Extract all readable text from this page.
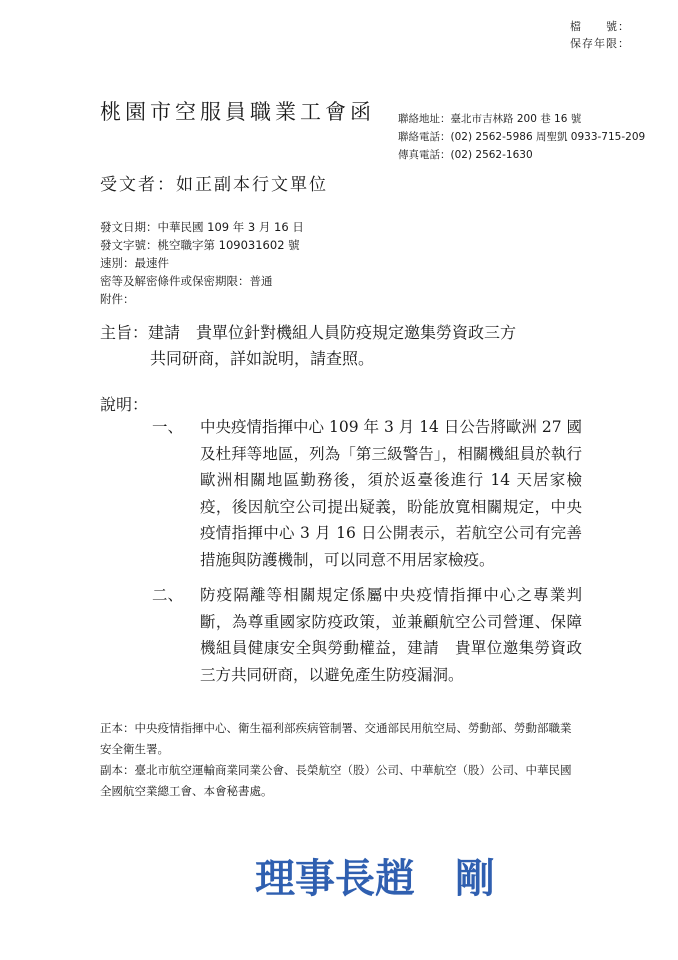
檔　　號：
保存年限：
桃園市空服員職業工會函 聯絡地址：臺北市吉林路 200 巷 16 號
聯絡電話：(02) 2562-5986 周聖凱 0933-715-209
傳真電話：(02) 2562-1630
受文者：如正副本行文單位
發文日期：中華民國 109 年 3 月 16 日
發文字號：桃空職字第 109031602 號
速別：最速件
密等及解密條件或保密期限：普通
附件：
主旨：建請　貴單位針對機組人員防疫規定邀集勞資政三方
共同研商，詳如說明，請查照。
說明：
一、	中央疫情指揮中心 109 年 3 月 14 日公告將歐洲 27 國及杜拜等地區，列為「第三級警告」，相關機組員於執行歐洲相關地區勤務後，須於返臺後進行 14 天居家檢疫，後因航空公司提出疑義，盼能放寬相關規定，中央疫情指揮中心 3 月 16 日公開表示，若航空公司有完善措施與防護機制，可以同意不用居家檢疫。
二、	防疫隔離等相關規定係屬中央疫情指揮中心之專業判斷，為尊重國家防疫政策，並兼顧航空公司營運、保障機組員健康安全與勞動權益，建請　貴單位邀集勞資政三方共同研商，以避免產生防疫漏洞。
正本：中央疫情指揮中心、衛生福利部疾病管制署、交通部民用航空局、勞動部、勞動部職業安全衛生署。
副本：臺北市航空運輸商業同業公會、長榮航空（股）公司、中華航空（股）公司、中華民國全國航空業總工會、本會秘書處。
理事長趙　剛
